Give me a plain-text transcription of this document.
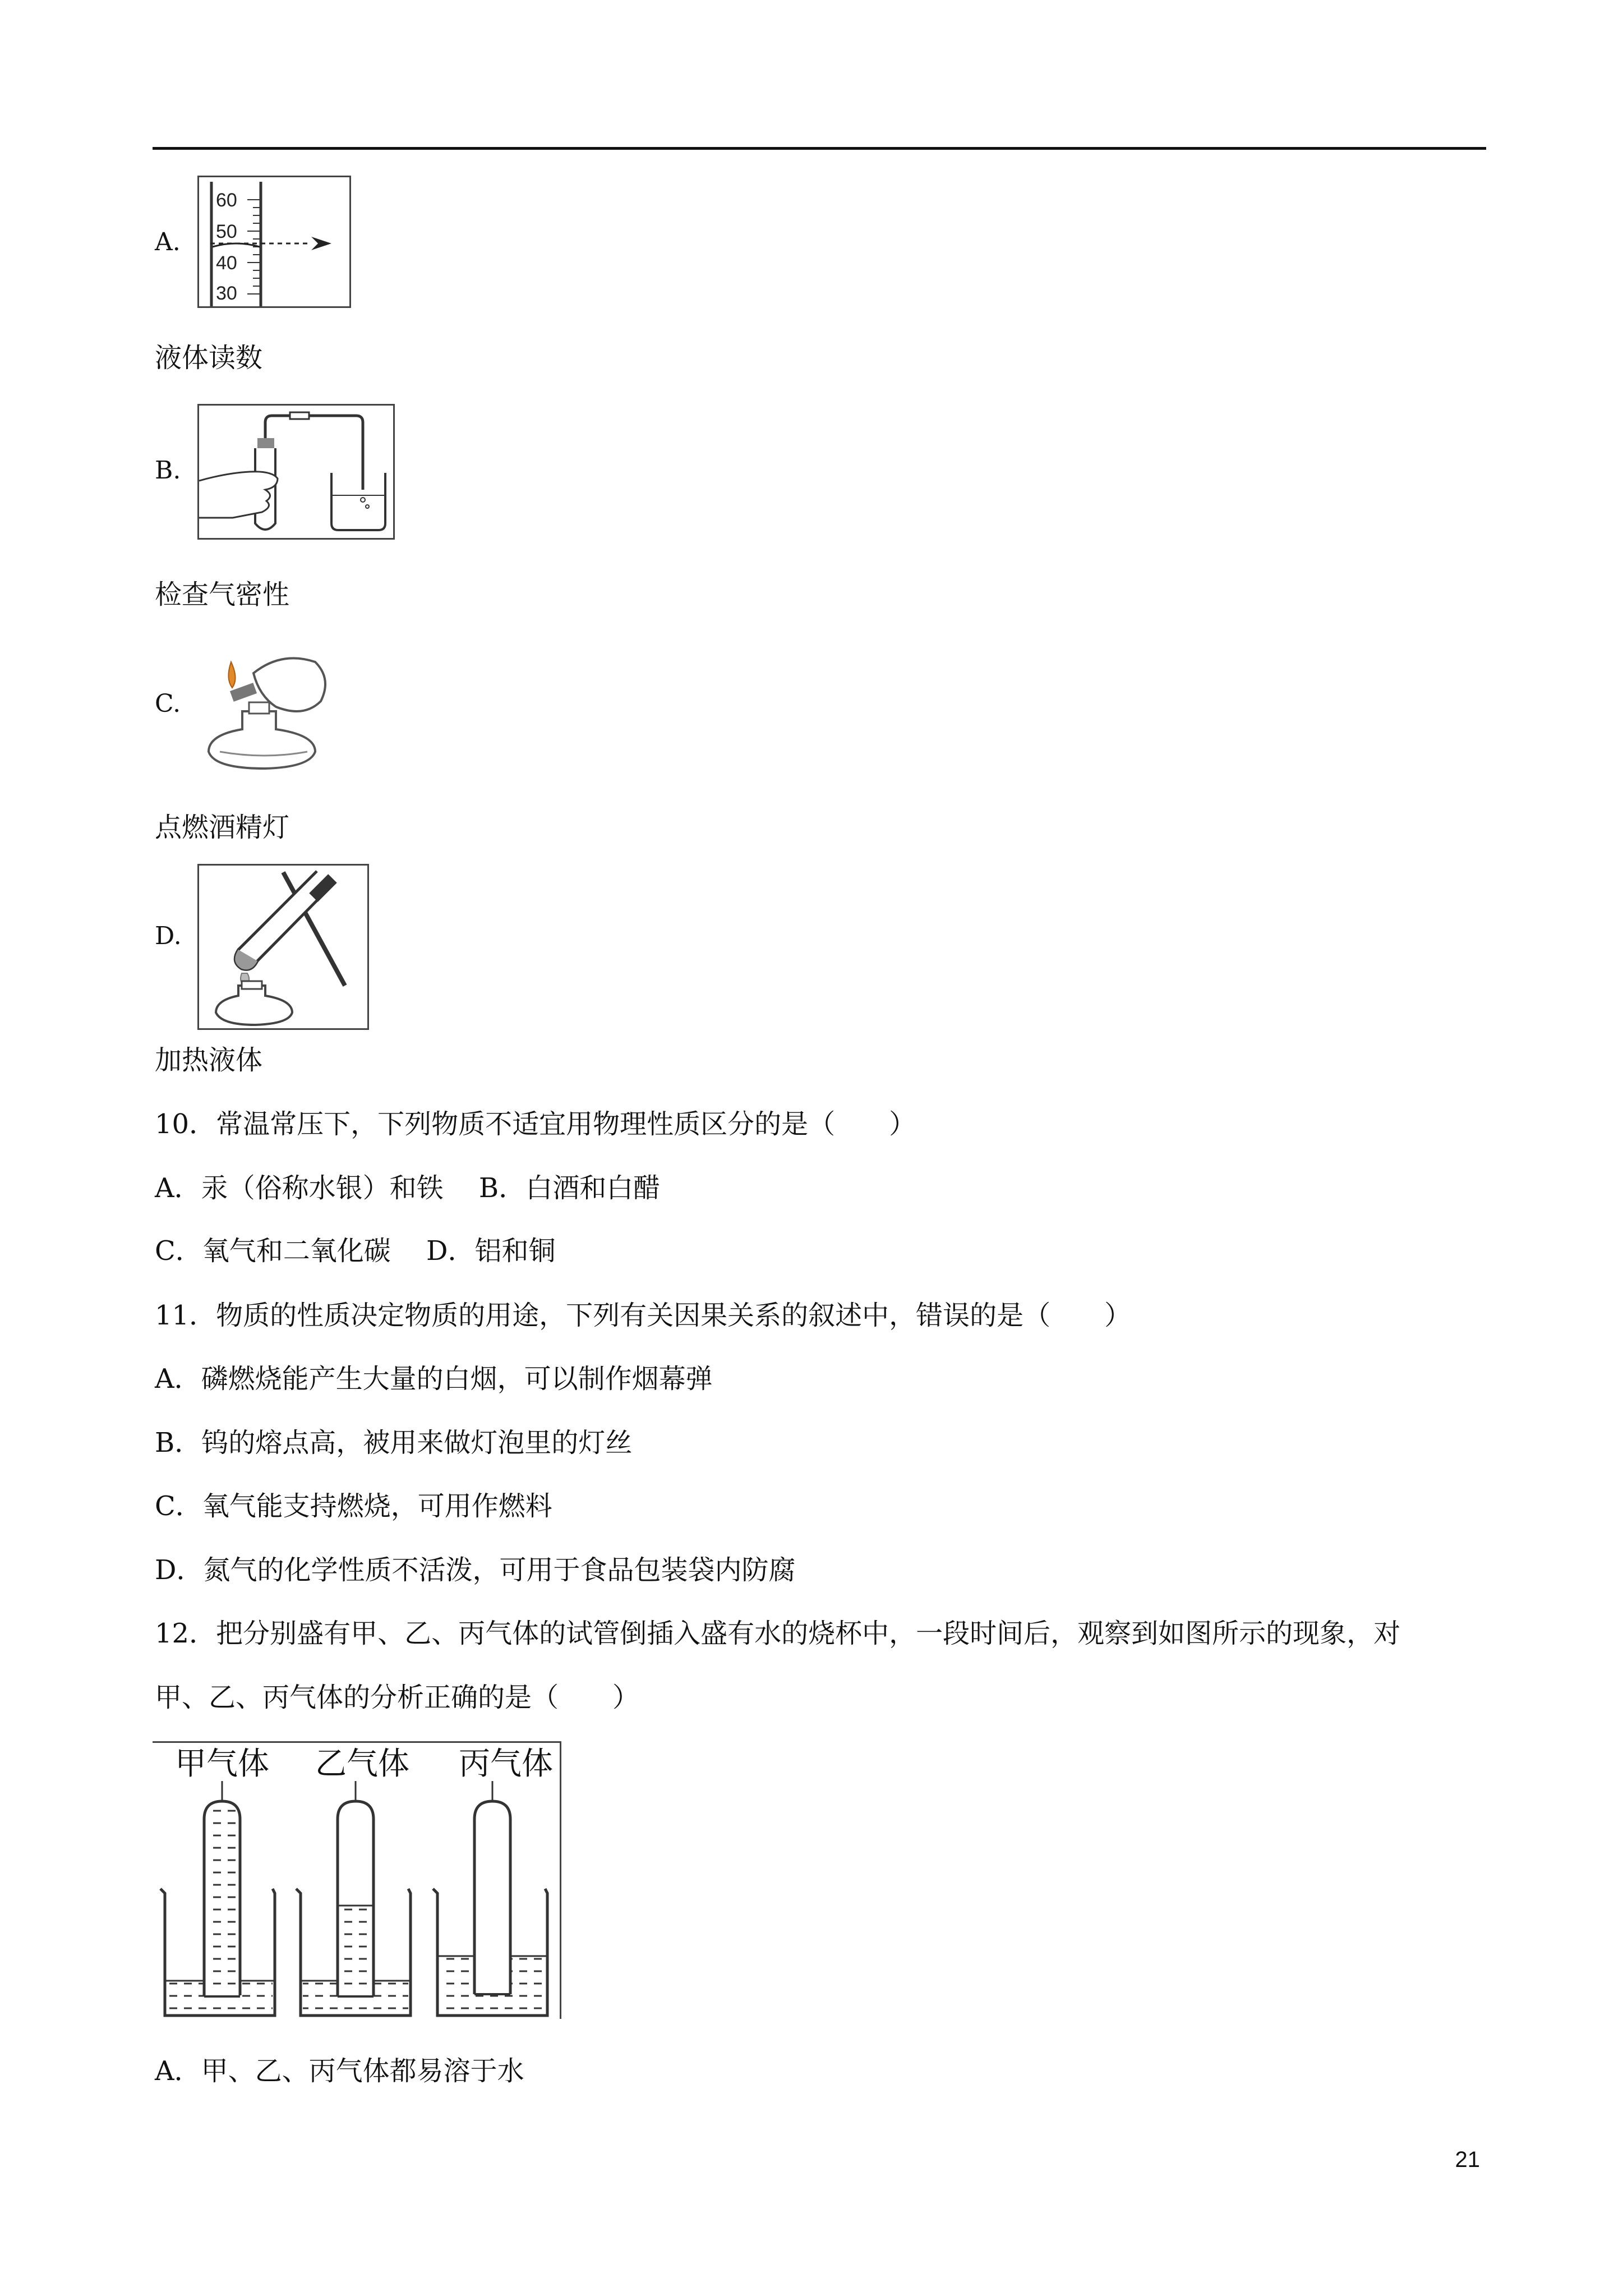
A.
60
50
40
30
液体读数
B.
检查气密性
C.
点燃酒精灯
D.
加热液体
10．常温常压下，下列物质不适宜用物理性质区分的是（　　）
A．汞（俗称水银）和铁　 B．白酒和白醋
C．氧气和二氧化碳　 D．铝和铜
11．物质的性质决定物质的用途，下列有关因果关系的叙述中，错误的是（　　）
A．磷燃烧能产生大量的白烟，可以制作烟幕弹
B．钨的熔点高，被用来做灯泡里的灯丝
C．氧气能支持燃烧，可用作燃料
D．氮气的化学性质不活泼，可用于食品包装袋内防腐
12．把分别盛有甲、乙、丙气体的试管倒插入盛有水的烧杯中，一段时间后，观察到如图所示的现象，对
甲、乙、丙气体的分析正确的是（　　）
甲气体 乙气体 丙气体
A．甲、乙、丙气体都易溶于水
21
